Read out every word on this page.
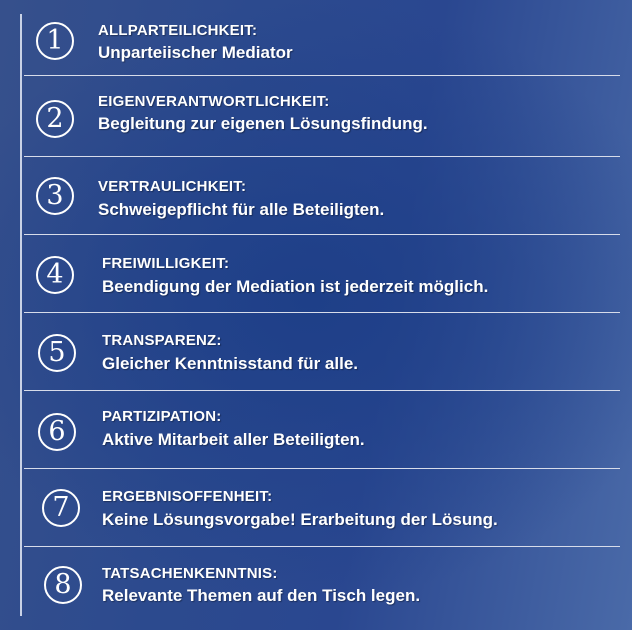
1	ALLPARTEILICHKEIT:
Unparteiischer Mediator
2
EIGENVERANTWORTLICHKEIT:
Begleitung zur eigenen Lösungsfindung.
3	VERTRAULICHKEIT:
Schweigepflicht für alle Beteiligten.
4	FREIWILLIGKEIT:
Beendigung der Mediation ist jederzeit möglich.
5	TRANSPARENZ:
Gleicher Kenntnisstand für alle.
6	PARTIZIPATION:
Aktive Mitarbeit aller Beteiligten.
7	ERGEBNISOFFENHEIT:
Keine Lösungsvorgabe! Erarbeitung der Lösung.
8	TATSACHENKENNTNIS:
Relevante Themen auf den Tisch legen.
